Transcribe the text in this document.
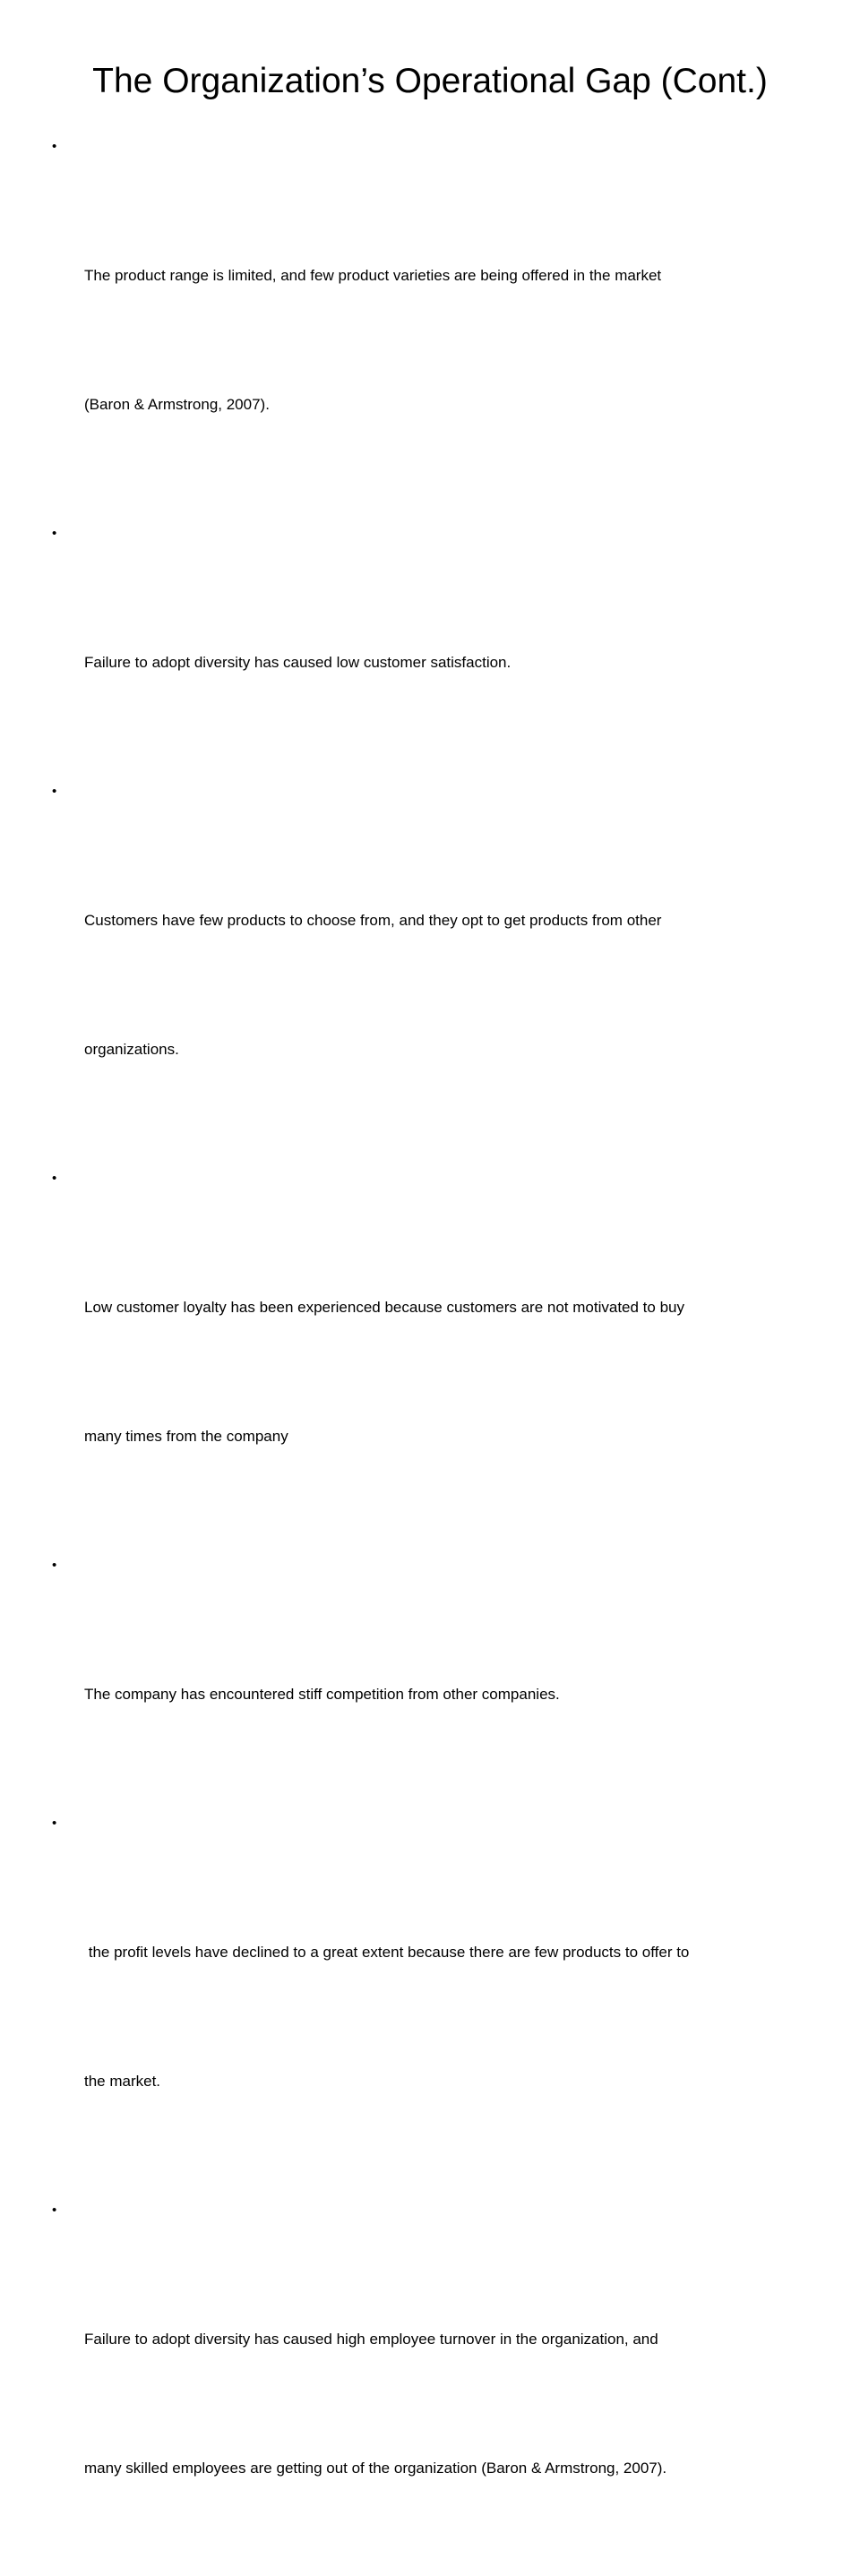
The Organization’s Operational Gap (Cont.)

•

The product range is limited, and few product varieties are being offered in the market

(Baron & Armstrong, 2007).

•

Failure to adopt diversity has caused low customer satisfaction.

•

Customers have few products to choose from, and they opt to get products from other

organizations.

•

Low customer loyalty has been experienced because customers are not motivated to buy

many times from the company

•

The company has encountered stiff competition from other companies.

•

the profit levels have declined to a great extent because there are few products to offer to

the market.

•

Failure to adopt diversity has caused high employee turnover in the organization, and

many skilled employees are getting out of the organization (Baron & Armstrong, 2007).
